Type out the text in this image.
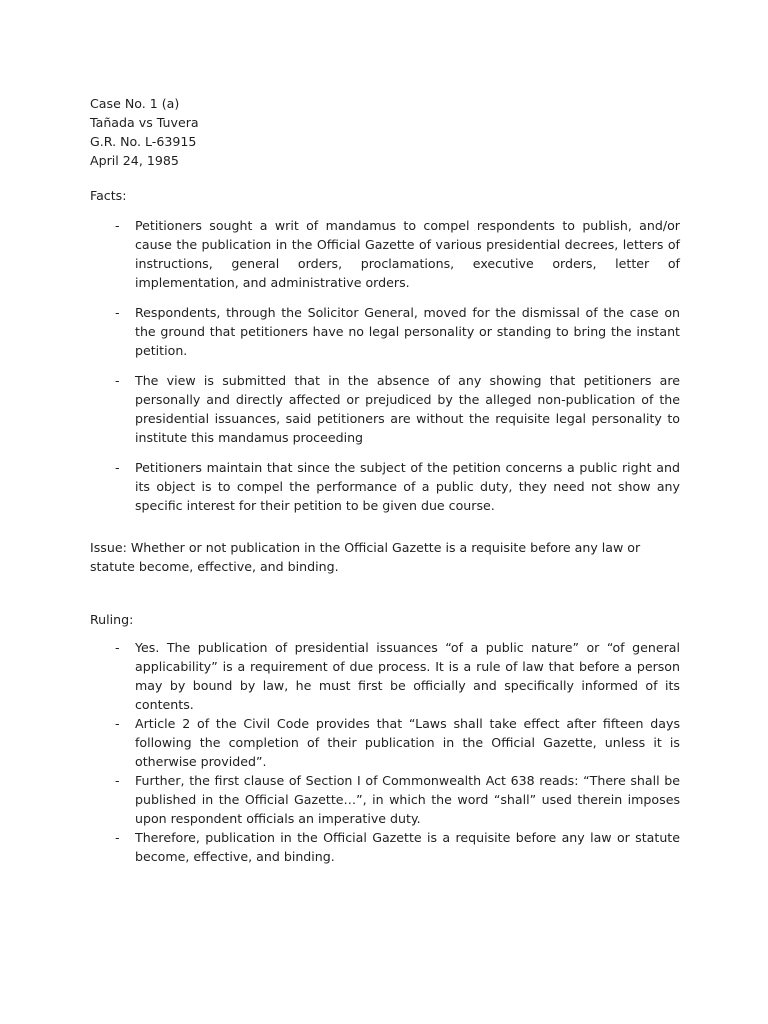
Case No. 1 (a)

Tañada vs Tuvera

G.R. No. L-63915

April 24, 1985

Facts:

- Petitioners sought a writ of mandamus to compel respondents to publish, and/or cause the publication in the Official Gazette of various presidential decrees, letters of instructions, general orders, proclamations, executive orders, letter of implementation, and administrative orders.
- Respondents, through the Solicitor General, moved for the dismissal of the case on the ground that petitioners have no legal personality or standing to bring the instant petition.
- The view is submitted that in the absence of any showing that petitioners are personally and directly affected or prejudiced by the alleged non-publication of the presidential issuances, said petitioners are without the requisite legal personality to institute this mandamus proceeding
- Petitioners maintain that since the subject of the petition concerns a public right and its object is to compel the performance of a public duty, they need not show any specific interest for their petition to be given due course.

Issue: Whether or not publication in the Official Gazette is a requisite before any law or statute become, effective, and binding.

Ruling:

- Yes. The publication of presidential issuances “of a public nature” or “of general applicability” is a requirement of due process. It is a rule of law that before a person may by bound by law, he must first be officially and specifically informed of its contents.
- Article 2 of the Civil Code provides that “Laws shall take effect after fifteen days following the completion of their publication in the Official Gazette, unless it is otherwise provided”.
- Further, the first clause of Section I of Commonwealth Act 638 reads: “There shall be published in the Official Gazette…”, in which the word “shall” used therein imposes upon respondent officials an imperative duty.
- Therefore, publication in the Official Gazette is a requisite before any law or statute become, effective, and binding.
